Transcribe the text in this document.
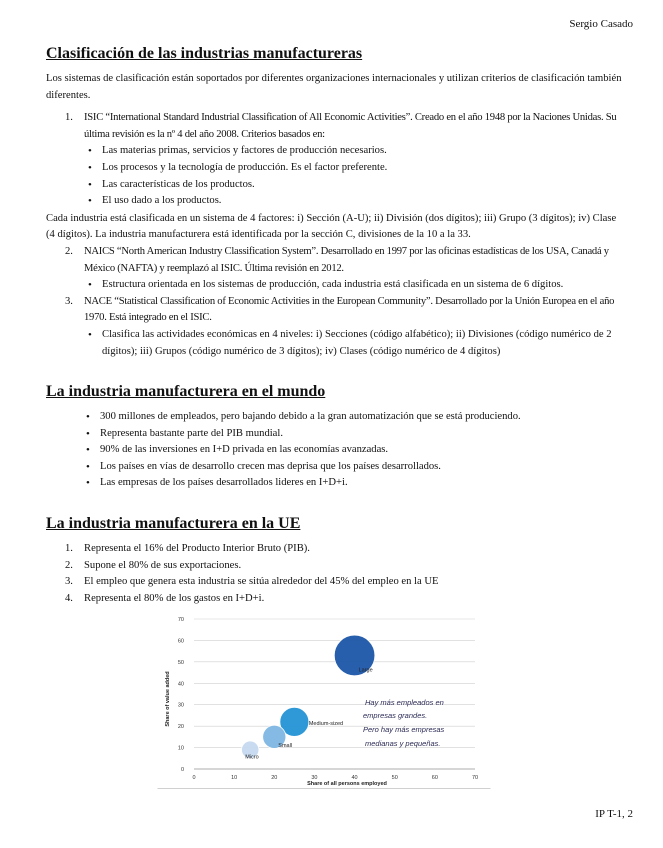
Sergio Casado
Clasificación de las industrias manufactureras

Los sistemas de clasificación están soportados por diferentes organizaciones internacionales y utilizan criterios de clasificación también diferentes.

1. ISIC “International Standard Industrial Classification of All Economic Activities”. Creado en el año 1948 por la Naciones Unidas. Su última revisión es la nº 4 del año 2008. Criterios basados en:
• Las materias primas, servicios y factores de producción necesarios.
• Los procesos y la tecnología de producción. Es el factor preferente.
• Las características de los productos.
• El uso dado a los productos.

Cada industria está clasificada en un sistema de 4 factores: i) Sección (A-U); ii) División (dos dígitos); iii) Grupo (3 dígitos); iv) Clase (4 dígitos). La industria manufacturera está identificada por la sección C, divisiones de la 10 a la 33.

2. NAICS “North American Industry Classification System”. Desarrollado en 1997 por las oficinas estadísticas de los USA, Canadá y México (NAFTA) y reemplazó al ISIC. Última revisión en 2012.
• Estructura orientada en los sistemas de producción, cada industria está clasificada en un sistema de 6 dígitos.
3. NACE “Statistical Classification of Economic Activities in the European Community”. Desarrollado por la Unión Europea en el año 1970. Está integrado en el ISIC.
• Clasifica las actividades económicas en 4 niveles: i) Secciones (código alfabético); ii) Divisiones (código numérico de 2 dígitos); iii) Grupos (código numérico de 3 dígitos); iv) Clases (código numérico de 4 dígitos)
La industria manufacturera en el mundo
• 300 millones de empleados, pero bajando debido a la gran automatización que se está produciendo.
• Representa bastante parte del PIB mundial.
• 90% de las inversiones en I+D privada en las economías avanzadas.
• Los países en vías de desarrollo crecen mas deprisa que los países desarrollados.
• Las empresas de los países desarrollados lideres en I+D+i.
La industria manufacturera en la UE
1. Representa el 16% del Producto Interior Bruto (PIB).
2. Supone el 80% de sus exportaciones.
3. El empleo que genera esta industria se sitúa alrededor del 45% del empleo en la UE
4. Representa el 80% de los gastos en I+D+i.
0
10
20
30
40
50
60
70
0	10	20	30	40	50	60	70
Micro
Small
Medium-sized
Large
Share of value added
Share of all persons employed
Hay más empleados en
empresas grandes.
Pero hay más empresas
medianas y pequeñas.
IP T-1, 2
